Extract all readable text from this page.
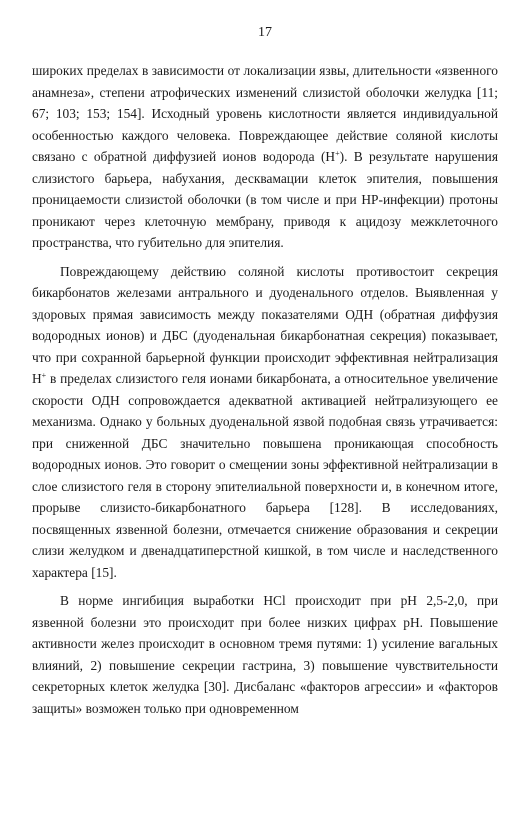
17

широких пределах в зависимости от локализации язвы, длительности «язвенного анамнеза», степени атрофических изменений слизистой оболочки желудка [11; 67; 103; 153; 154]. Исходный уровень кислотности является индивидуальной особенностью каждого человека. Повреждающее действие соляной кислоты связано с обратной диффузией ионов водорода (Н+). В результате нарушения слизистого барьера, набухания, десквамации клеток эпителия, повышения проницаемости слизистой оболочки (в том числе и при НР-инфекции) протоны проникают через клеточную мембрану, приводя к ацидозу межклеточного пространства, что губительно для эпителия.

Повреждающему действию соляной кислоты противостоит секреция бикарбонатов железами антрального и дуоденального отделов. Выявленная у здоровых прямая зависимость между показателями ОДН (обратная диффузия водородных ионов) и ДБС (дуоденальная бикарбонатная секреция) показывает, что при сохранной барьерной функции происходит эффективная нейтрализация Н+ в пределах слизистого геля ионами бикарбоната, а относительное увеличение скорости ОДН сопровождается адекватной активацией нейтрализующего ее механизма. Однако у больных дуоденальной язвой подобная связь утрачивается: при сниженной ДБС значительно повышена проникающая способность водородных ионов. Это говорит о смещении зоны эффективной нейтрализации в слое слизистого геля в сторону эпителиальной поверхности и, в конечном итоге, прорыве слизисто-бикарбонатного барьера [128]. В исследованиях, посвященных язвенной болезни, отмечается снижение образования и секреции слизи желудком и двенадцатиперстной кишкой, в том числе и наследственного характера [15].

В норме ингибиция выработки HCl происходит при рН 2,5-2,0, при язвенной болезни это происходит при более низких цифрах рН. Повышение активности желез происходит в основном тремя путями: 1) усиление вагальных влияний, 2) повышение секреции гастрина, 3) повышение чувствительности секреторных клеток желудка [30]. Дисбаланс «факторов агрессии» и «факторов защиты» возможен только при одновременном
